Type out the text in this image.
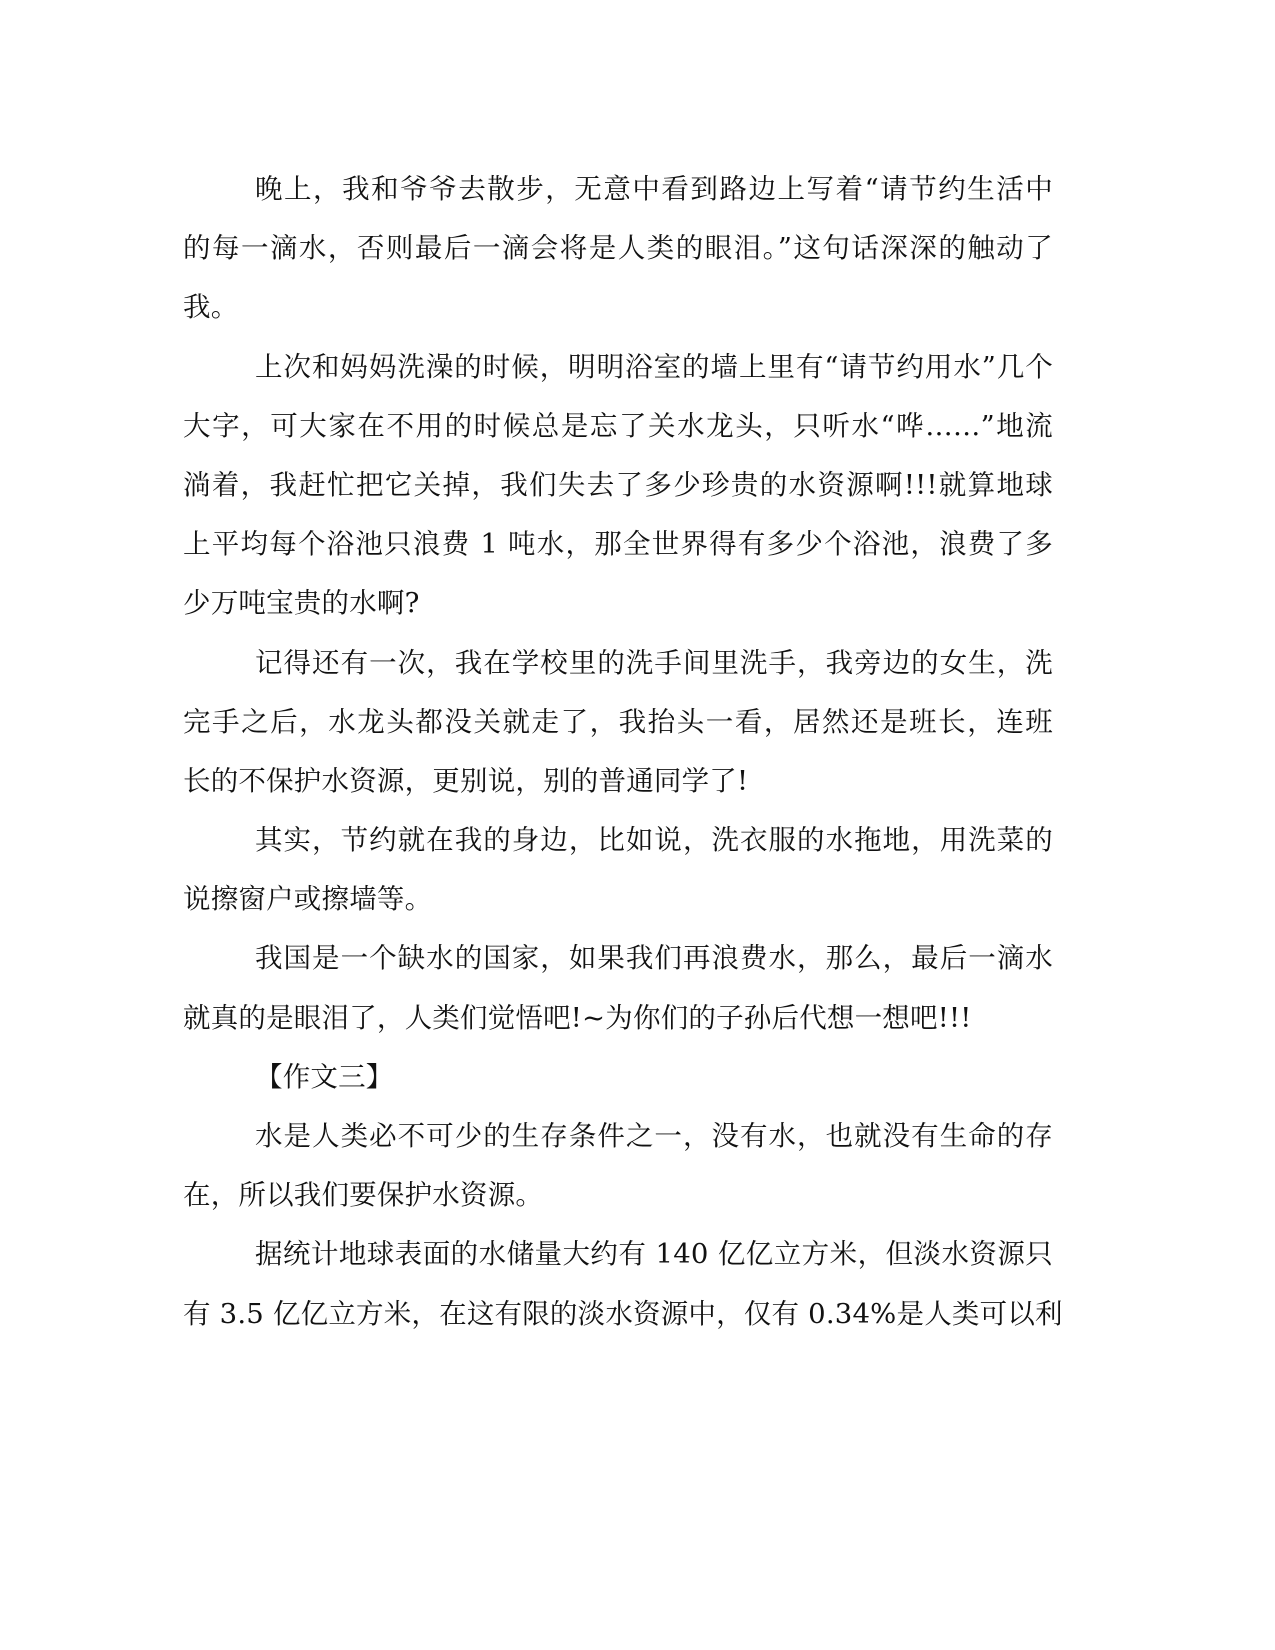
晚上，我和爷爷去散步，无意中看到路边上写着“请节约生活中
的每一滴水，否则最后一滴会将是人类的眼泪。”这句话深深的触动了
我。
上次和妈妈洗澡的时候，明明浴室的墙上里有“请节约用水”几个
大字，可大家在不用的时候总是忘了关水龙头，只听水“哗……”地流
淌着，我赶忙把它关掉，我们失去了多少珍贵的水资源啊!!!就算地球
上平均每个浴池只浪费 1 吨水，那全世界得有多少个浴池，浪费了多
少万吨宝贵的水啊?
记得还有一次，我在学校里的洗手间里洗手，我旁边的女生，洗
完手之后，水龙头都没关就走了，我抬头一看，居然还是班长，连班
长的不保护水资源，更别说，别的普通同学了!
其实，节约就在我的身边，比如说，洗衣服的水拖地，用洗菜的
说擦窗户或擦墙等。
我国是一个缺水的国家，如果我们再浪费水，那么，最后一滴水
就真的是眼泪了，人类们觉悟吧!~为你们的子孙后代想一想吧!!!
【作文三】
水是人类必不可少的生存条件之一，没有水，也就没有生命的存
在，所以我们要保护水资源。
据统计地球表面的水储量大约有 140 亿亿立方米，但淡水资源只
有 3.5 亿亿立方米，在这有限的淡水资源中，仅有 0.34%是人类可以利
